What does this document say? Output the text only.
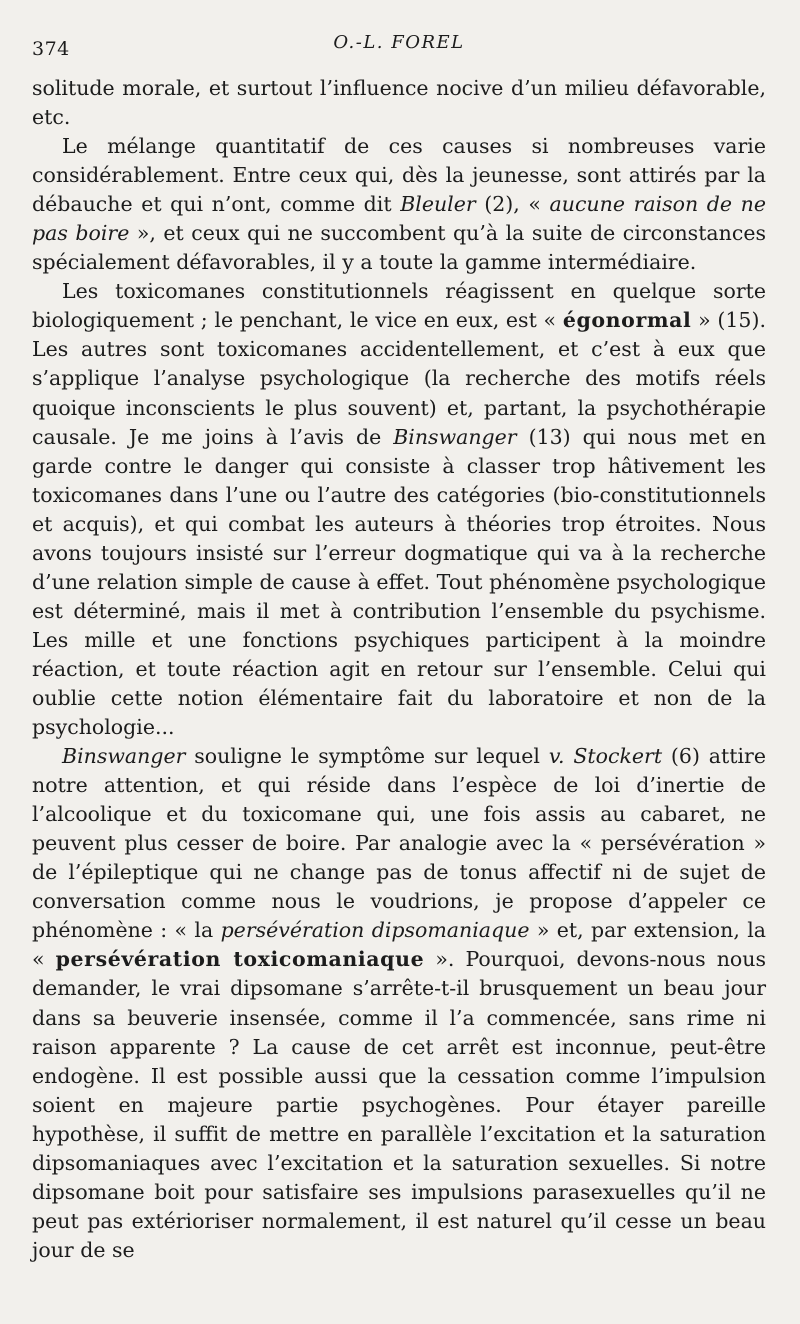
374	O.-L. FOREL

solitude morale, et surtout l’influence nocive d’un milieu défavorable, etc.

Le mélange quantitatif de ces causes si nombreuses varie considérablement. Entre ceux qui, dès la jeunesse, sont attirés par la débauche et qui n’ont, comme dit Bleuler (2), « aucune raison de ne pas boire », et ceux qui ne succombent qu’à la suite de circonstances spécialement défavorables, il y a toute la gamme intermédiaire.

Les toxicomanes constitutionnels réagissent en quelque sorte biologiquement ; le penchant, le vice en eux, est « égonormal » (15). Les autres sont toxicomanes accidentellement, et c’est à eux que s’applique l’analyse psychologique (la recherche des motifs réels quoique inconscients le plus souvent) et, partant, la psychothérapie causale. Je me joins à l’avis de Binswanger (13) qui nous met en garde contre le danger qui consiste à classer trop hâtivement les toxicomanes dans l’une ou l’autre des catégories (bio-constitutionnels et acquis), et qui combat les auteurs à théories trop étroites. Nous avons toujours insisté sur l’erreur dogmatique qui va à la recherche d’une relation simple de cause à effet. Tout phénomène psychologique est déterminé, mais il met à contribution l’ensemble du psychisme. Les mille et une fonctions psychiques participent à la moindre réaction, et toute réaction agit en retour sur l’ensemble. Celui qui oublie cette notion élémentaire fait du laboratoire et non de la psychologie...

Binswanger souligne le symptôme sur lequel v. Stockert (6) attire notre attention, et qui réside dans l’espèce de loi d’inertie de l’alcoolique et du toxicomane qui, une fois assis au cabaret, ne peuvent plus cesser de boire. Par analogie avec la « persévération » de l’épileptique qui ne change pas de tonus affectif ni de sujet de conversation comme nous le voudrions, je propose d’appeler ce phénomène : « la persévération dipsomaniaque » et, par extension, la « persévération toxicomaniaque ». Pourquoi, devons-nous nous demander, le vrai dipsomane s’arrête-t-il brusquement un beau jour dans sa beuverie insensée, comme il l’a commencée, sans rime ni raison apparente ? La cause de cet arrêt est inconnue, peut-être endogène. Il est possible aussi que la cessation comme l’impulsion soient en majeure partie psychogènes. Pour étayer pareille hypothèse, il suffit de mettre en parallèle l’excitation et la saturation dipsomaniaques avec l’excitation et la saturation sexuelles. Si notre dipsomane boit pour satisfaire ses impulsions parasexuelles qu’il ne peut pas extérioriser normalement, il est naturel qu’il cesse un beau jour de se
